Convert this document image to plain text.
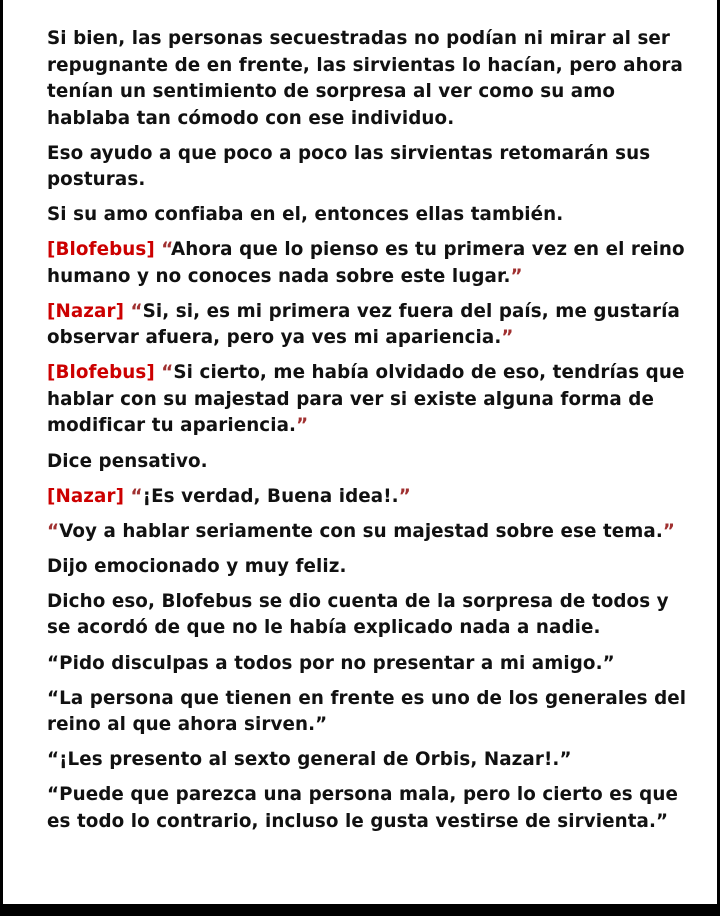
Si bien, las personas secuestradas no podían ni mirar al ser repugnante de en frente, las sirvientas lo hacían, pero ahora tenían un sentimiento de sorpresa al ver como su amo hablaba tan cómodo con ese individuo.

Eso ayudo a que poco a poco las sirvientas retomarán sus posturas.

Si su amo confiaba en el, entonces ellas también.

[Blofebus] “Ahora que lo pienso es tu primera vez en el reino humano y no conoces nada sobre este lugar.”

[Nazar] “Si, si, es mi primera vez fuera del país, me gustaría observar afuera, pero ya ves mi apariencia.”

[Blofebus] “Si cierto, me había olvidado de eso, tendrías que hablar con su majestad para ver si existe alguna forma de modificar tu apariencia.”

Dice pensativo.

[Nazar] “¡Es verdad, Buena idea!.”

“Voy a hablar seriamente con su majestad sobre ese tema.”

Dijo emocionado y muy feliz.

Dicho eso, Blofebus se dio cuenta de la sorpresa de todos y se acordó de que no le había explicado nada a nadie.

“Pido disculpas a todos por no presentar a mi amigo.”

“La persona que tienen en frente es uno de los generales del reino al que ahora sirven.”

“¡Les presento al sexto general de Orbis, Nazar!.”

“Puede que parezca una persona mala, pero lo cierto es que es todo lo contrario, incluso le gusta vestirse de sirvienta.”
